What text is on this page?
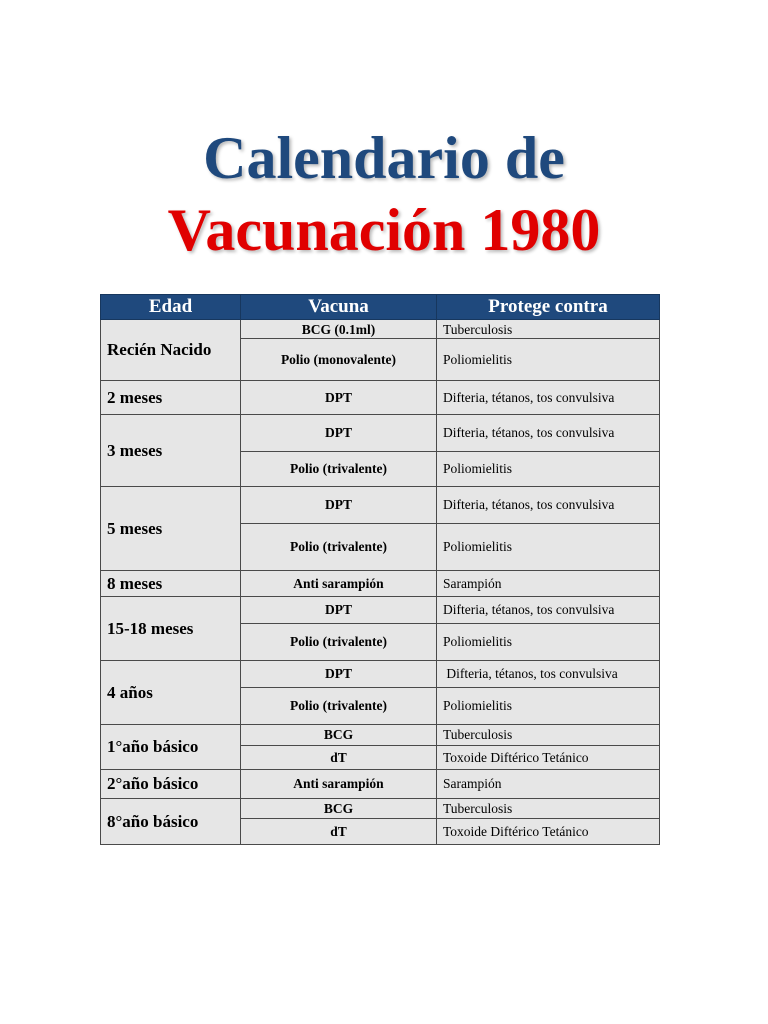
Calendario de
Vacunación 1980
Edad	Vacuna	Protege contra
Recién Nacido	BCG (0.1ml)	Tuberculosis
	Polio (monovalente)	Poliomielitis
2 meses	DPT	Difteria, tétanos, tos convulsiva
3 meses	DPT	Difteria, tétanos, tos convulsiva
	Polio (trivalente)	Poliomielitis
5 meses	DPT	Difteria, tétanos, tos convulsiva
	Polio (trivalente)	Poliomielitis
8 meses	Anti sarampión	Sarampión
15-18 meses	DPT	Difteria, tétanos, tos convulsiva
	Polio (trivalente)	Poliomielitis
4 años	DPT	Difteria, tétanos, tos convulsiva
	Polio (trivalente)	Poliomielitis
1°año básico	BCG	Tuberculosis
	dT	Toxoide Diftérico Tetánico
2°año básico	Anti sarampión	Sarampión
8°año básico	BCG	Tuberculosis
	dT	Toxoide Diftérico Tetánico
